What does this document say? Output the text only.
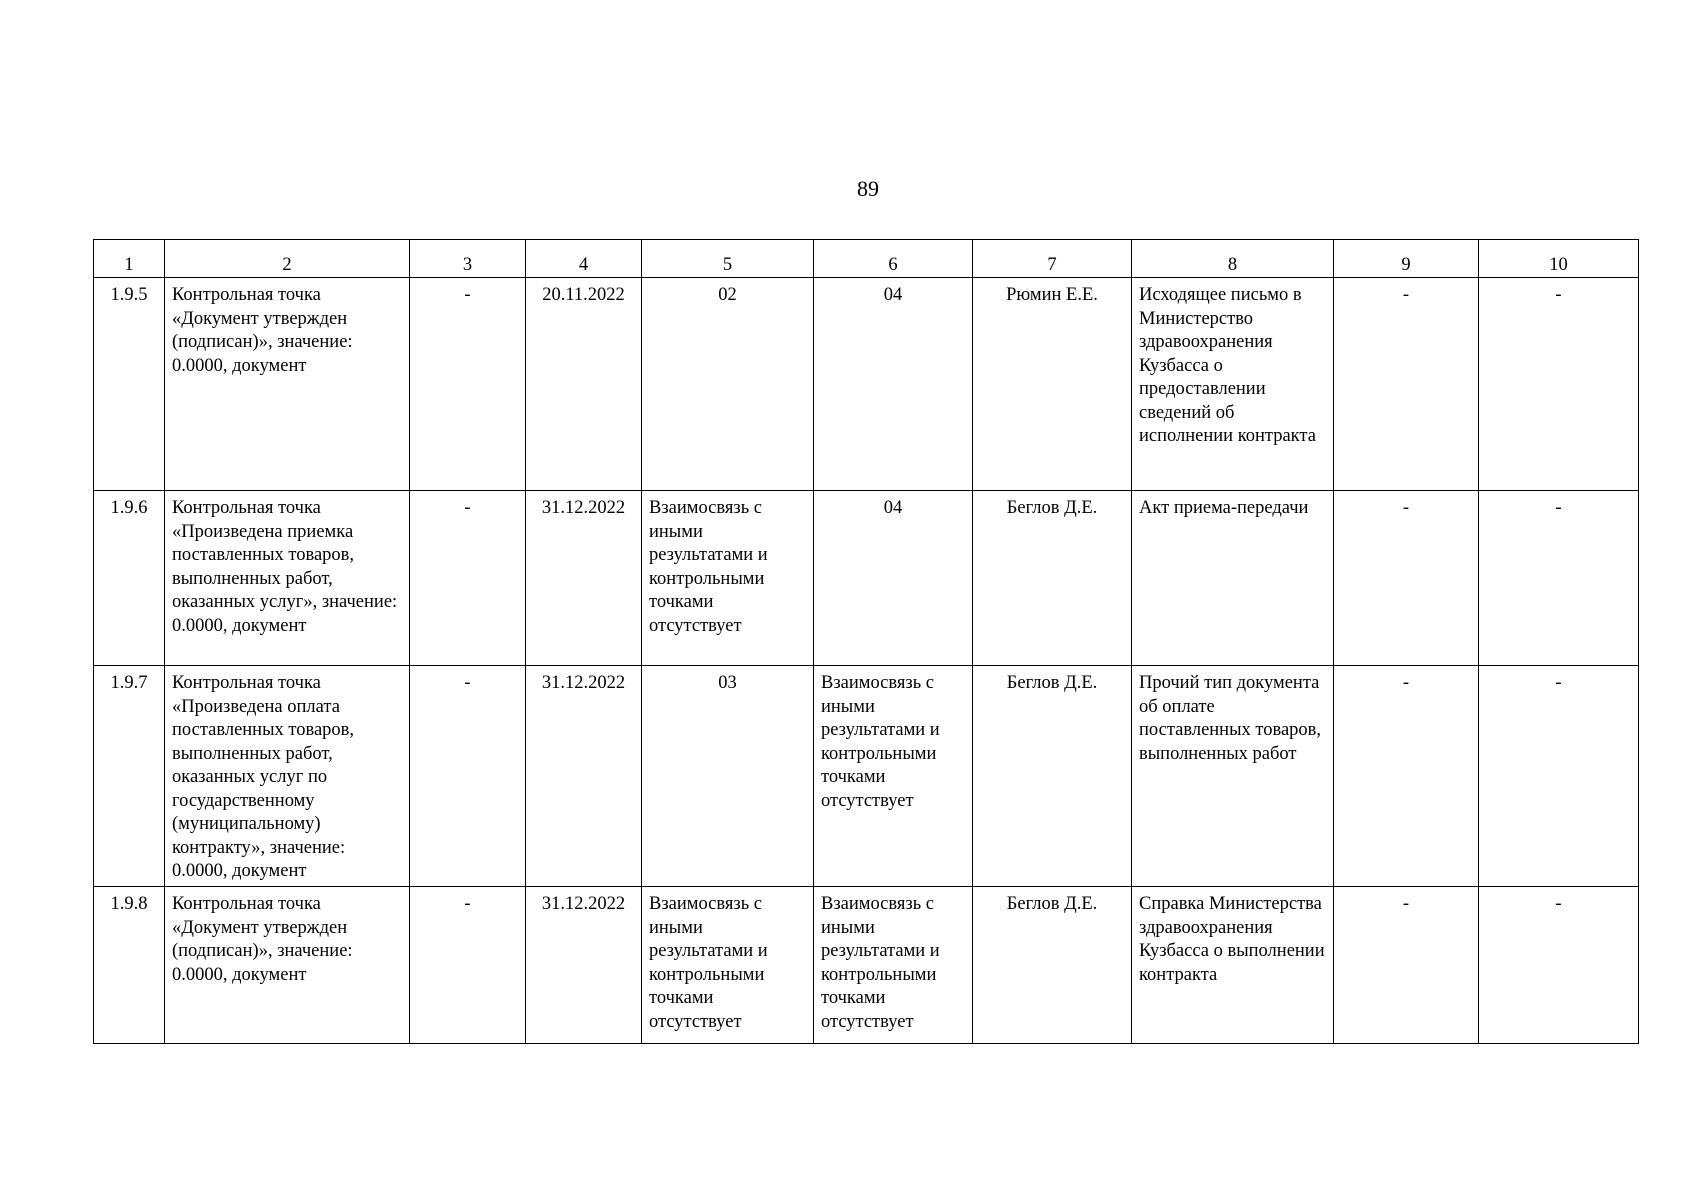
89
1	2	3	4	5	6	7	8	9	10
1.9.5	Контрольная точка «Документ утвержден (подписан)», значение: 0.0000, документ	-	20.11.2022	02	04	Рюмин Е.Е.	Исходящее письмо в Министерство здравоохранения Кузбасса о предоставлении сведений об исполнении контракта	-	-
1.9.6	Контрольная точка «Произведена приемка поставленных товаров, выполненных работ, оказанных услуг», значение: 0.0000, документ	-	31.12.2022	Взаимосвязь с иными результатами и контрольными точками отсутствует	04	Беглов Д.Е.	Акт приема-передачи	-	-
1.9.7	Контрольная точка «Произведена оплата поставленных товаров, выполненных работ, оказанных услуг по государственному (муниципальному) контракту», значение: 0.0000, документ	-	31.12.2022	03	Взаимосвязь с иными результатами и контрольными точками отсутствует	Беглов Д.Е.	Прочий тип документа об оплате поставленных товаров, выполненных работ	-	-
1.9.8	Контрольная точка «Документ утвержден (подписан)», значение: 0.0000, документ	-	31.12.2022	Взаимосвязь с иными результатами и контрольными точками отсутствует	Взаимосвязь с иными результатами и контрольными точками отсутствует	Беглов Д.Е.	Справка Министерства здравоохранения Кузбасса о выполнении контракта	-	-
